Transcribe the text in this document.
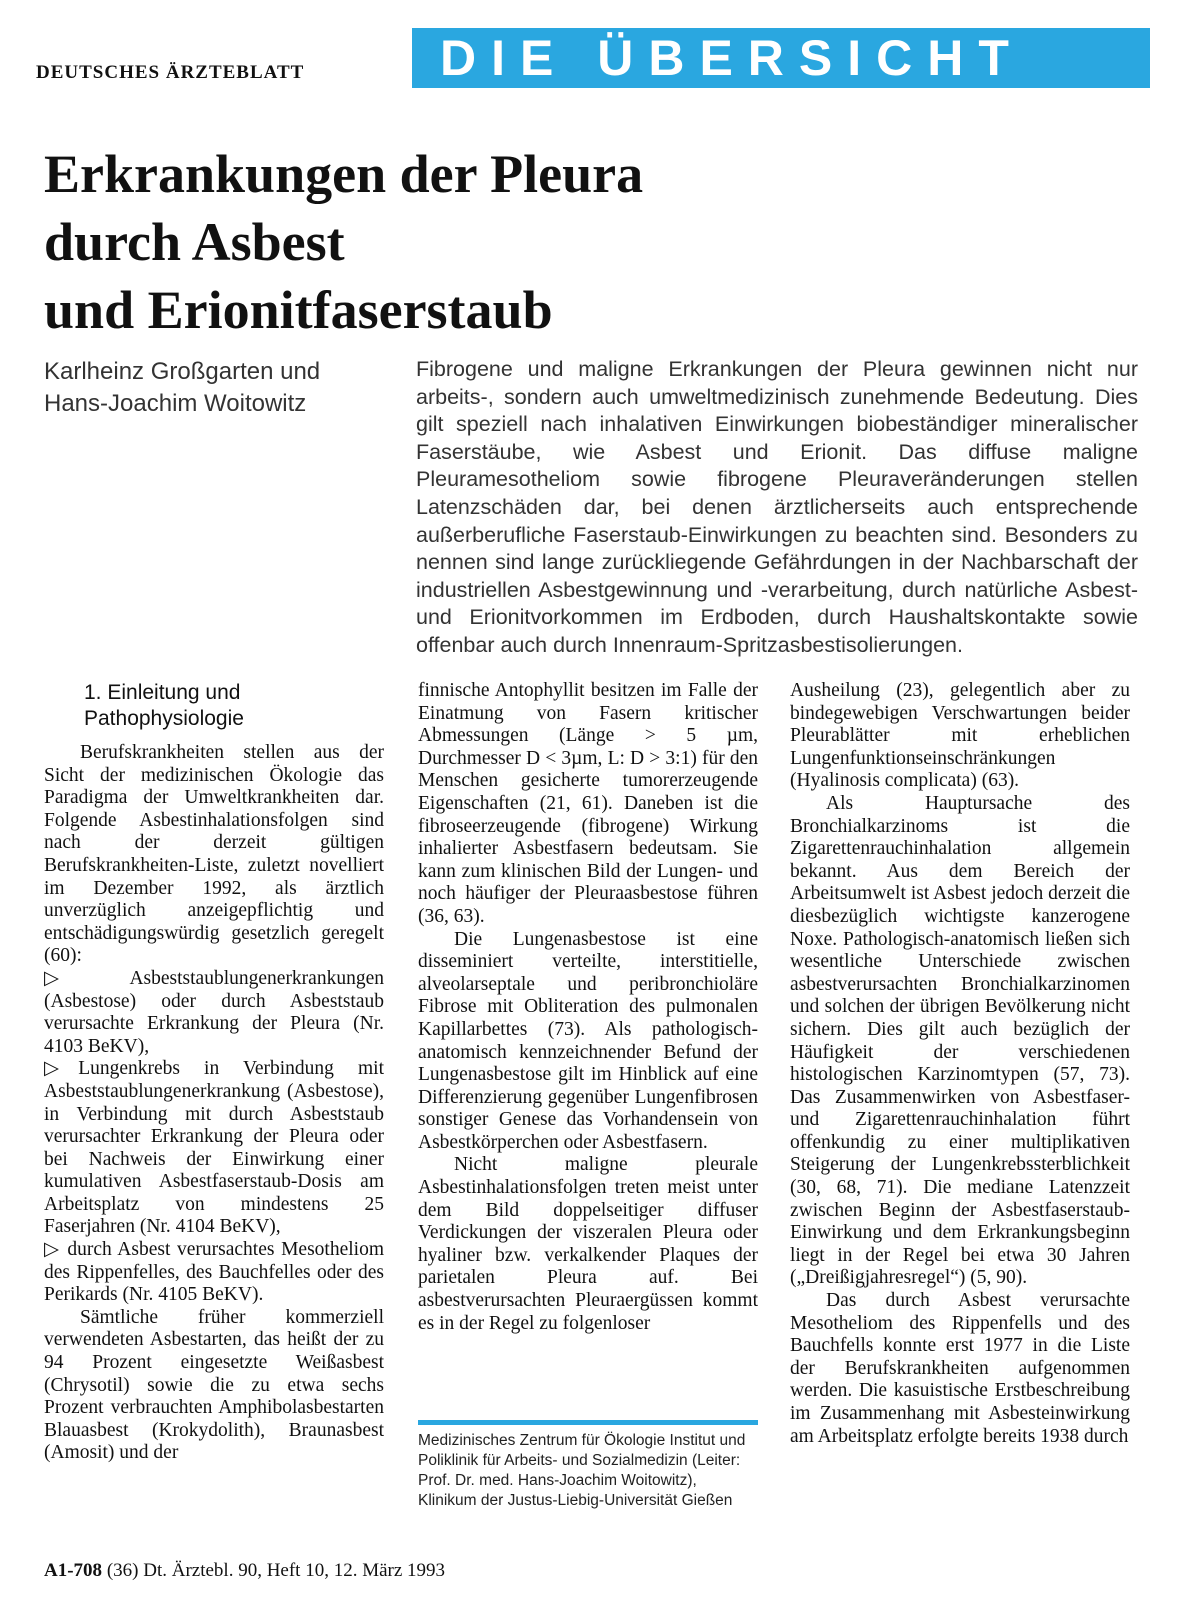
DEUTSCHES ÄRZTEBLATT	DIE ÜBERSICHT
Erkrankungen der Pleura
durch Asbest
und Erionitfaserstaub
Karlheinz Großgarten und
Hans-Joachim Woitowitz
Fibrogene und maligne Erkrankungen der Pleura gewinnen nicht nur arbeits-, sondern auch umweltmedizinisch zunehmende Bedeutung. Dies gilt speziell nach inhalativen Einwirkungen biobeständiger mineralischer Faserstäube, wie Asbest und Erionit. Das diffuse maligne Pleuramesotheliom sowie fibrogene Pleuraveränderungen stellen Latenzschäden dar, bei denen ärztlicherseits auch entsprechende außerberufliche Faserstaub-Einwirkungen zu beachten sind. Besonders zu nennen sind lange zurückliegende Gefährdungen in der Nachbarschaft der industriellen Asbestgewinnung und -verarbeitung, durch natürliche Asbest- und Erionitvorkommen im Erdboden, durch Haushaltskontakte sowie offenbar auch durch Innenraum-Spritzasbestisolierungen.

1. Einleitung und Pathophysiologie

Berufskrankheiten stellen aus der Sicht der medizinischen Ökologie das Paradigma der Umweltkrankheiten dar. Folgende Asbestinhalationsfolgen sind nach der derzeit gültigen Berufskrankheiten-Liste, zuletzt novelliert im Dezember 1992, als ärztlich unverzüglich anzeigepflichtig und entschädigungswürdig gesetzlich geregelt (60):

▷ Asbeststaublungenerkrankungen (Asbestose) oder durch Asbeststaub verursachte Erkrankung der Pleura (Nr. 4103 BeKV),

▷Lungenkrebs in Verbindung mit Asbeststaublungenerkrankung (Asbestose), in Verbindung mit durch Asbeststaub verursachter Erkrankung der Pleura oder bei Nachweis der Einwirkung einer kumulativen Asbestfaserstaub-Dosis am Arbeitsplatz von mindestens 25 Faserjahren (Nr. 4104 BeKV),

▷ durch Asbest verursachtes Mesotheliom des Rippenfelles, des Bauchfelles oder des Perikards (Nr. 4105 BeKV).

Sämtliche früher kommerziell verwendeten Asbestarten, das heißt der zu 94 Prozent eingesetzte Weißasbest (Chrysotil) sowie die zu etwa sechs Prozent verbrauchten Amphibolasbestarten Blauasbest (Krokydolith), Braunasbest (Amosit) und der

finnische Antophyllit besitzen im Falle der Einatmung von Fasern kritischer Abmessungen (Länge > 5 µm, Durchmesser D < 3µm, L: D > 3:1) für den Menschen gesicherte tumorerzeugende Eigenschaften (21, 61). Daneben ist die fibroseerzeugende (fibrogene) Wirkung inhalierter Asbestfasern bedeutsam. Sie kann zum klinischen Bild der Lungen- und noch häufiger der Pleuraasbestose führen (36, 63).

Die Lungenasbestose ist eine disseminiert verteilte, interstitielle, alveolarseptale und peribronchioläre Fibrose mit Obliteration des pulmonalen Kapillarbettes (73). Als pathologisch-anatomisch kennzeichnender Befund der Lungenasbestose gilt im Hinblick auf eine Differenzierung gegenüber Lungenfibrosen sonstiger Genese das Vorhandensein von Asbestkörperchen oder Asbestfasern.

Nicht maligne pleurale Asbestinhalationsfolgen treten meist unter dem Bild doppelseitiger diffuser Verdickungen der viszeralen Pleura oder hyaliner bzw. verkalkender Plaques der parietalen Pleura auf. Bei asbestverursachten Pleuraergüssen kommt es in der Regel zu folgenloser

Medizinisches Zentrum für Ökologie Institut und Poliklinik für Arbeits- und Sozialmedizin (Leiter: Prof. Dr. med. Hans-Joachim Woitowitz), Klinikum der Justus-Liebig-Universität Gießen

Ausheilung (23), gelegentlich aber zu bindegewebigen Verschwartungen beider Pleurablätter mit erheblichen Lungenfunktionseinschränkungen (Hyalinosis complicata) (63).

Als Hauptursache des Bronchialkarzinoms ist die Zigarettenrauchinhalation allgemein bekannt. Aus dem Bereich der Arbeitsumwelt ist Asbest jedoch derzeit die diesbezüglich wichtigste kanzerogene Noxe. Pathologisch-anatomisch ließen sich wesentliche Unterschiede zwischen asbestverursachten Bronchialkarzinomen und solchen der übrigen Bevölkerung nicht sichern. Dies gilt auch bezüglich der Häufigkeit der verschiedenen histologischen Karzinomtypen (57, 73). Das Zusammenwirken von Asbestfaser- und Zigarettenrauchinhalation führt offenkundig zu einer multiplikativen Steigerung der Lungenkrebssterblichkeit (30, 68, 71). Die mediane Latenzzeit zwischen Beginn der Asbestfaserstaub-Einwirkung und dem Erkrankungsbeginn liegt in der Regel bei etwa 30 Jahren („Dreißigjahresregel“) (5, 90).

Das durch Asbest verursachte Mesotheliom des Rippenfells und des Bauchfells konnte erst 1977 in die Liste der Berufskrankheiten aufgenommen werden. Die kasuistische Erstbeschreibung im Zusammenhang mit Asbesteinwirkung am Arbeitsplatz erfolgte bereits 1938 durch

A1-708 (36) Dt. Ärztebl. 90, Heft 10, 12. März 1993
